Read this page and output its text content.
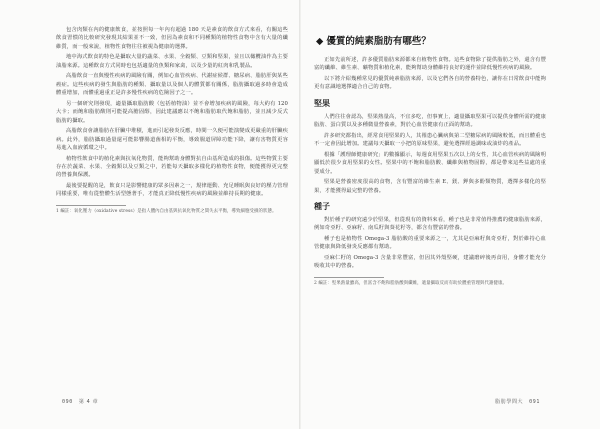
包含肉類在內的健康飲食，並按照每一年內有超過 180 天是素食的飲食方式來看，有關這些飲食習慣的比較研究發現其結果並不一致，但因為素食和不同種類的植物性食物中含有大量的纖維質，而一般來說，植物性食物往往被視為健康的選擇。

地中海式飲食的特色是攝取大量的蔬菜、水果、全穀類、豆類和堅果，並且以橄欖油作為主要油脂來源。這種飲食方式同時也包括適量的魚類和家禽，以及少量的紅肉和乳製品。

高脂飲食一直與慢性疾病的風險有關，例如心血管疾病、代謝症候群、糖尿病、脂肪肝與某些癌症。這些疾病的發生與脂肪的種類、攝取量以及個人的體質都有關係，脂肪攝取過多時會造成體重增加，而體重過重正是許多慢性疾病的危險因子之一。

另一個研究則發現，適量攝取脂肪酸（包括植物油）並不會增加疾病的風險，每大約有 120 大卡；而飽和脂肪酸則可能提高膽固醇，因此建議應以不飽和脂肪取代飽和脂肪，並且減少反式脂肪的攝取。

高脂飲食會讓脂肪在肝臟中堆積，進而引起發炎反應，時間一久便可能演變成更嚴重的肝臟疾病。此外，脂肪攝取過量還可能影響腸道菌相的平衡，導致腸道屏障功能下降，讓有害物質更容易進入血液循環之中。

植物性飲食中的植化素與抗氧化物質，能夠幫助身體對抗自由基所造成的損傷。這些物質主要存在於蔬菜、水果、全穀類以及豆類之中，若能每天攝取多樣化的植物性食物，便能獲得更完整的營養與保護。

最後要提醒的是，飲食只是影響健康的眾多因素之一，規律運動、充足睡眠與良好的壓力管理同樣重要，唯有從整體生活型態著手，才能真正降低慢性疾病的風險並維持長期的健康。

1 編註：氧化壓力（oxidative stress）是指人體內自由基與抗氧化物質之間失去平衡，導致細胞受損的狀態。

◆ 優質的純素脂肪有哪些？

正如先前所述，許多優質脂肪來源都來自植物性食物。這些食物除了提供脂肪之外，還含有豐富的纖維、維生素、礦物質和植化素，能夠幫助身體維持良好的運作並降低慢性疾病的風險。

以下將介紹幾種常見的優質純素脂肪來源，以及它們各自的營養特色，讓你在日常飲食中能夠更有意識地選擇適合自己的食物。

堅果

人們往往會認為，堅果熱量高，不宜多吃，但事實上，適量攝取堅果可以提供身體所需的健康脂肪、蛋白質以及多種微量營養素，對於心血管健康有正面的幫助。

許多研究都指出，經常食用堅果的人，其罹患心臟病與第二型糖尿病的風險較低，而且體重也不一定會因此增加。建議每天攝取一小把的原味堅果，避免選擇經過調味或油炸的產品。

根據「護理師健康研究」的數據顯示，每週食用堅果五次以上的女性，其心血管疾病的風險明顯低於很少食用堅果的女性。堅果中的不飽和脂肪酸、纖維與植物固醇，都是帶來這些益處的重要成分。

堅果是營養密度很高的食物，含有豐富的維生素 E、鎂、鉀與多酚類物質，選擇多樣化的堅果，才能獲得最完整的營養。

種子

對於種子的研究遠少於堅果，但從現有的資料來看，種子也是非常值得推薦的健康脂肪來源，例如奇亞籽、亞麻籽、南瓜籽與葵花籽等，都含有豐富的營養。

種子也是植物性 Omega-3 脂肪酸的重要來源之一，尤其是亞麻籽與奇亞籽，對於維持心血管健康與降低發炎反應都有幫助。

亞麻仁籽的 Omega-3 含量非常豐富，但因其外殼堅硬，建議磨碎後再食用，身體才能充分吸收其中的營養。

2 編註：堅果熱量雖高，但富含不飽和脂肪酸與纖維，適量攝取反而有助於體重管理與代謝健康。

090 第 4 章	脂肪學問大 091
